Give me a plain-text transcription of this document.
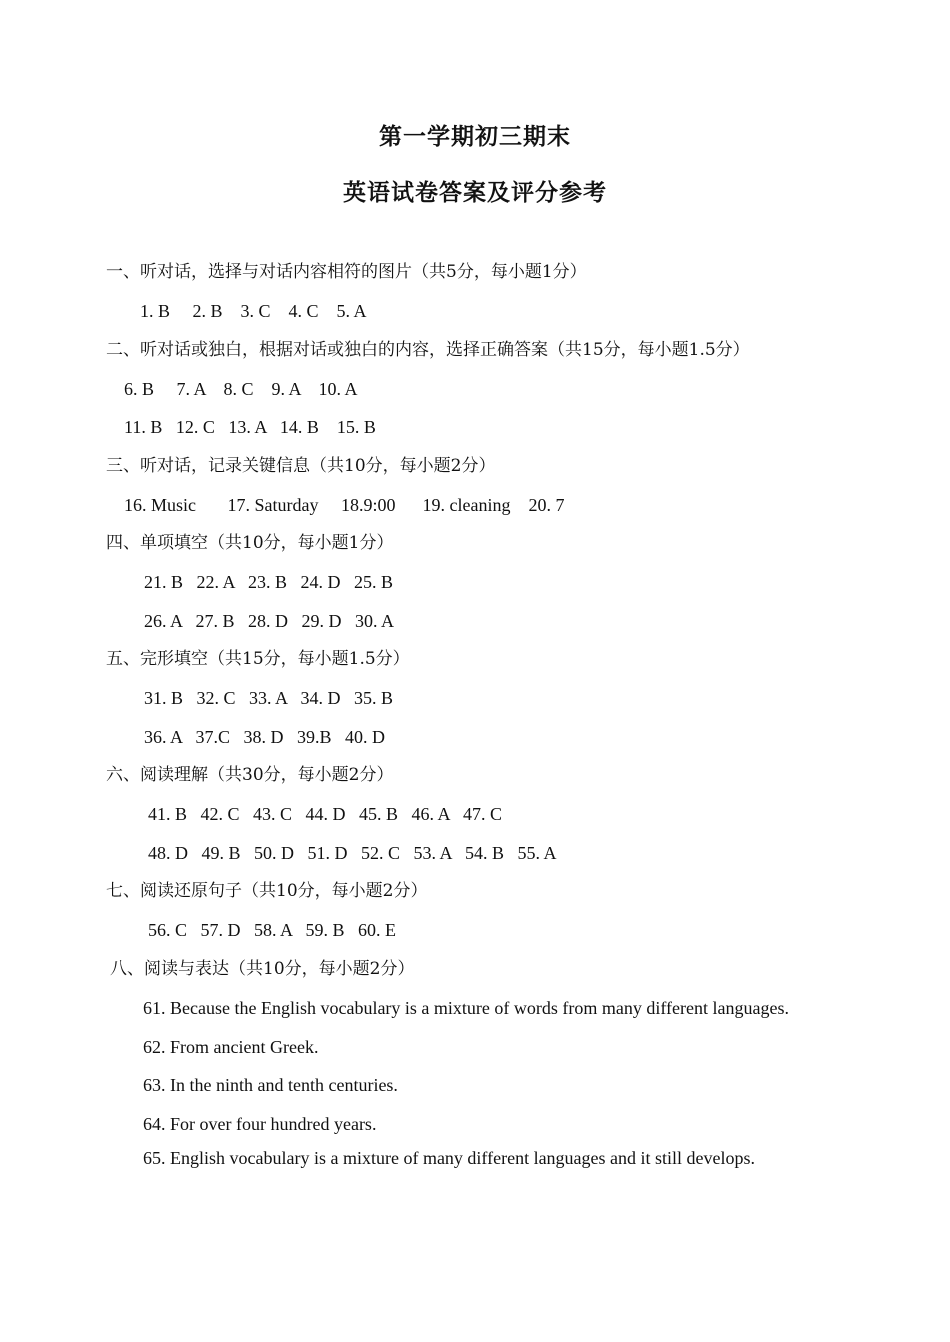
第一学期初三期末
英语试卷答案及评分参考
一、听对话，选择与对话内容相符的图片（共5分，每小题1分）
1. B     2. B    3. C    4. C    5. A
二、听对话或独白，根据对话或独白的内容，选择正确答案（共15分，每小题1.5分）
6. B     7. A    8. C    9. A    10. A
11. B   12. C   13. A   14. B    15. B
三、听对话，记录关键信息（共10分，每小题2分）
16. Music       17. Saturday     18.9:00      19. cleaning    20. 7
四、单项填空（共10分，每小题1分）
21. B   22. A   23. B   24. D   25. B
26. A   27. B   28. D   29. D   30. A
五、完形填空（共15分，每小题1.5分）
31. B   32. C   33. A   34. D   35. B
36. A   37.C   38. D   39.B   40. D
六、阅读理解（共30分，每小题2分）
41. B   42. C   43. C   44. D   45. B   46. A   47. C
48. D   49. B   50. D   51. D   52. C   53. A   54. B   55. A
七、阅读还原句子（共10分，每小题2分）
56. C   57. D   58. A   59. B   60. E
八、阅读与表达（共10分，每小题2分）
61. Because the English vocabulary is a mixture of words from many different languages.
62. From ancient Greek.
63. In the ninth and tenth centuries.
64. For over four hundred years.
65. English vocabulary is a mixture of many different languages and it still develops.
